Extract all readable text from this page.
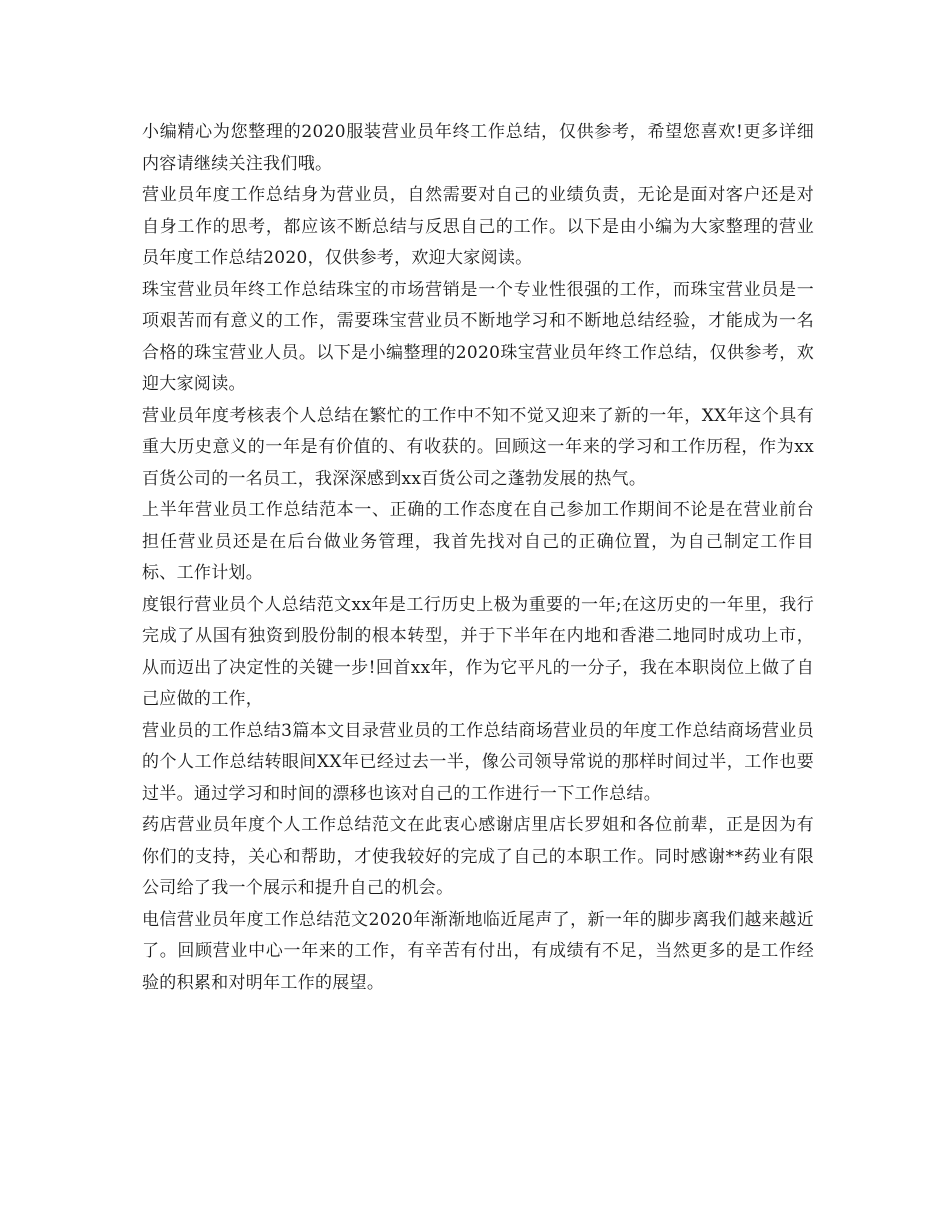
小编精心为您整理的2020服装营业员年终工作总结，仅供参考，希望您喜欢!更多详细内容请继续关注我们哦。

营业员年度工作总结身为营业员，自然需要对自己的业绩负责，无论是面对客户还是对自身工作的思考，都应该不断总结与反思自己的工作。以下是由小编为大家整理的营业员年度工作总结2020，仅供参考，欢迎大家阅读。

珠宝营业员年终工作总结珠宝的市场营销是一个专业性很强的工作，而珠宝营业员是一项艰苦而有意义的工作，需要珠宝营业员不断地学习和不断地总结经验，才能成为一名合格的珠宝营业人员。以下是小编整理的2020珠宝营业员年终工作总结，仅供参考，欢迎大家阅读。

营业员年度考核表个人总结在繁忙的工作中不知不觉又迎来了新的一年，XX年这个具有重大历史意义的一年是有价值的、有收获的。回顾这一年来的学习和工作历程，作为xx百货公司的一名员工，我深深感到xx百货公司之蓬勃发展的热气。

上半年营业员工作总结范本一、正确的工作态度在自己参加工作期间不论是在营业前台担任营业员还是在后台做业务管理，我首先找对自己的正确位置，为自己制定工作目标、工作计划。

度银行营业员个人总结范文xx年是工行历史上极为重要的一年;在这历史的一年里，我行完成了从国有独资到股份制的根本转型，并于下半年在内地和香港二地同时成功上市，从而迈出了决定性的关键一步!回首xx年，作为它平凡的一分子，我在本职岗位上做了自己应做的工作，

营业员的工作总结3篇本文目录营业员的工作总结商场营业员的年度工作总结商场营业员的个人工作总结转眼间XX年已经过去一半，像公司领导常说的那样时间过半，工作也要过半。通过学习和时间的漂移也该对自己的工作进行一下工作总结。

药店营业员年度个人工作总结范文在此衷心感谢店里店长罗姐和各位前辈，正是因为有你们的支持，关心和帮助，才使我较好的完成了自己的本职工作。同时感谢**药业有限公司给了我一个展示和提升自己的机会。

电信营业员年度工作总结范文2020年渐渐地临近尾声了，新一年的脚步离我们越来越近了。回顾营业中心一年来的工作，有辛苦有付出，有成绩有不足，当然更多的是工作经验的积累和对明年工作的展望。
